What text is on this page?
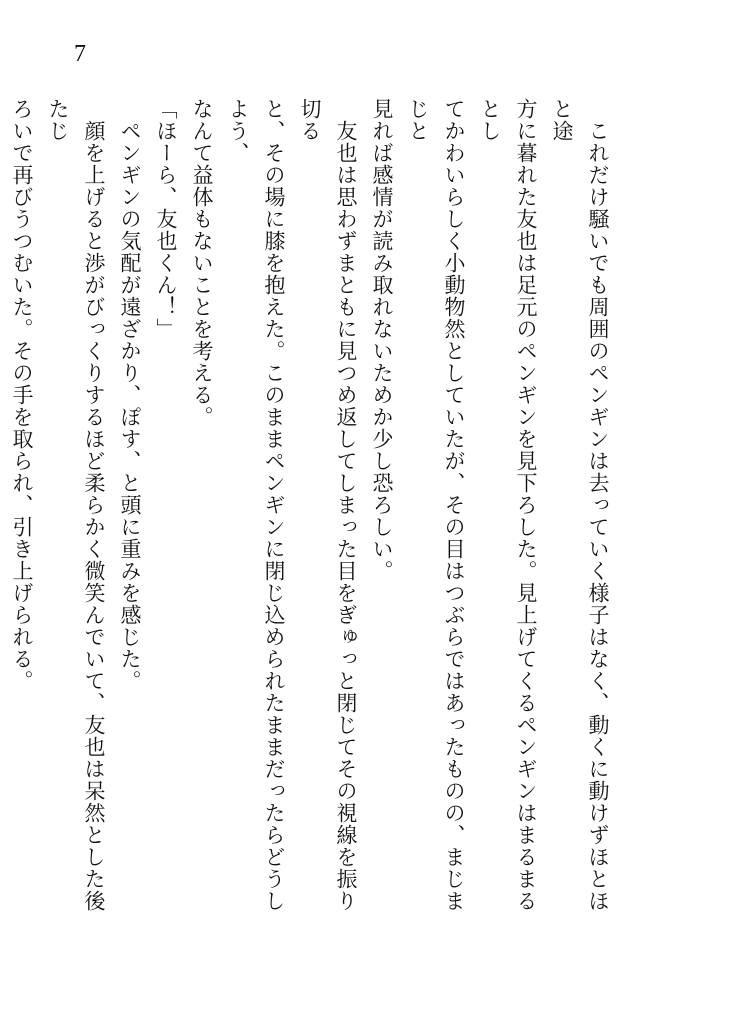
7
　これだけ騒いでも周囲のペンギンは去っていく様子はなく、動くに動けずほとほと途
方に暮れた友也は足元のペンギンを見下ろした。見上げてくるペンギンはまるまるとし
てかわいらしく小動物然としていたが、その目はつぶらではあったものの、まじまじと
見れば感情が読み取れないためか少し恐ろしい。
　友也は思わずまともに見つめ返してしまった目をぎゅっと閉じてその視線を振り切る
と、その場に膝を抱えた。このままペンギンに閉じ込められたままだったらどうしよう、
なんて益体もないことを考える。
「ほーら、友也くん！」
　ペンギンの気配が遠ざかり、ぽす、と頭に重みを感じた。
　顔を上げると渉がびっくりするほど柔らかく微笑んでいて、友也は呆然とした後たじ
ろいで再びうつむいた。その手を取られ、引き上げられる。
